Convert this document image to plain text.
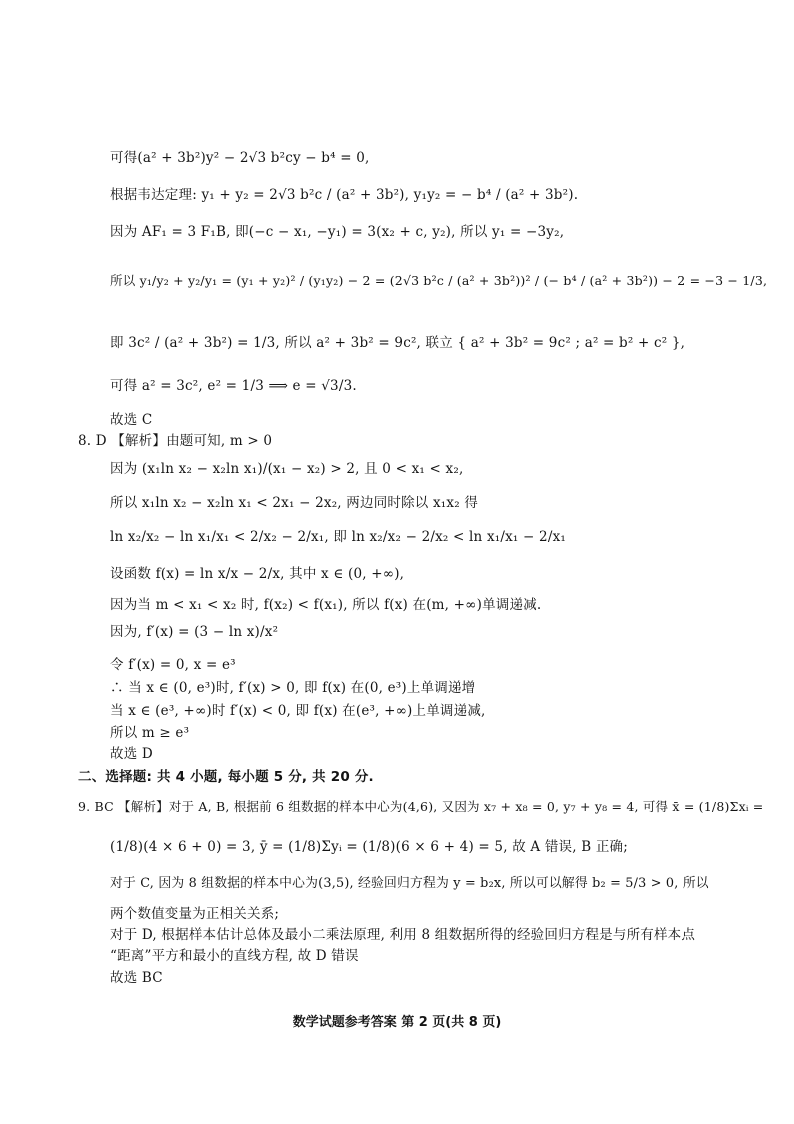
可得(a² + 3b²)y² − 2√3 b²cy − b⁴ = 0,
根据韦达定理: y₁ + y₂ = 2√3 b²c / (a² + 3b²), y₁y₂ = − b⁴ / (a² + 3b²).
因为 AF₁ = 3 F₁B, 即(−c − x₁, −y₁) = 3(x₂ + c, y₂), 所以 y₁ = −3y₂,
所以 y₁/y₂ + y₂/y₁ = (y₁ + y₂)² / (y₁y₂) − 2 = (2√3 b²c / (a² + 3b²))² / (− b⁴ / (a² + 3b²)) − 2 = −3 − 1/3,
即 3c² / (a² + 3b²) = 1/3, 所以 a² + 3b² = 9c², 联立 { a² + 3b² = 9c² ; a² = b² + c² },
可得 a² = 3c², e² = 1/3 ⟹ e = √3/3.
故选 C
8. D 【解析】由题可知, m > 0
因为 (x₁ln x₂ − x₂ln x₁)/(x₁ − x₂) > 2, 且 0 < x₁ < x₂,
所以 x₁ln x₂ − x₂ln x₁ < 2x₁ − 2x₂, 两边同时除以 x₁x₂ 得
ln x₂/x₂ − ln x₁/x₁ < 2/x₂ − 2/x₁, 即 ln x₂/x₂ − 2/x₂ < ln x₁/x₁ − 2/x₁
设函数 f(x) = ln x/x − 2/x, 其中 x ∈ (0, +∞),
因为当 m < x₁ < x₂ 时, f(x₂) < f(x₁), 所以 f(x) 在(m, +∞)单调递减.
因为, f′(x) = (3 − ln x)/x²
令 f′(x) = 0, x = e³
∴ 当 x ∈ (0, e³)时, f′(x) > 0, 即 f(x) 在(0, e³)上单调递增
当 x ∈ (e³, +∞)时 f′(x) < 0, 即 f(x) 在(e³, +∞)上单调递减,
所以 m ≥ e³
故选 D
二、选择题: 共 4 小题, 每小题 5 分, 共 20 分.
9. BC 【解析】对于 A, B, 根据前 6 组数据的样本中心为(4,6), 又因为 x₇ + x₈ = 0, y₇ + y₈ = 4, 可得 x̄ = (1/8)Σxᵢ =
(1/8)(4 × 6 + 0) = 3, ȳ = (1/8)Σyᵢ = (1/8)(6 × 6 + 4) = 5, 故 A 错误, B 正确;
对于 C, 因为 8 组数据的样本中心为(3,5), 经验回归方程为 y = b₂x, 所以可以解得 b₂ = 5/3 > 0, 所以
两个数值变量为正相关关系;
对于 D, 根据样本估计总体及最小二乘法原理, 利用 8 组数据所得的经验回归方程是与所有样本点
“距离”平方和最小的直线方程, 故 D 错误
故选 BC
数学试题参考答案 第 2 页(共 8 页)
